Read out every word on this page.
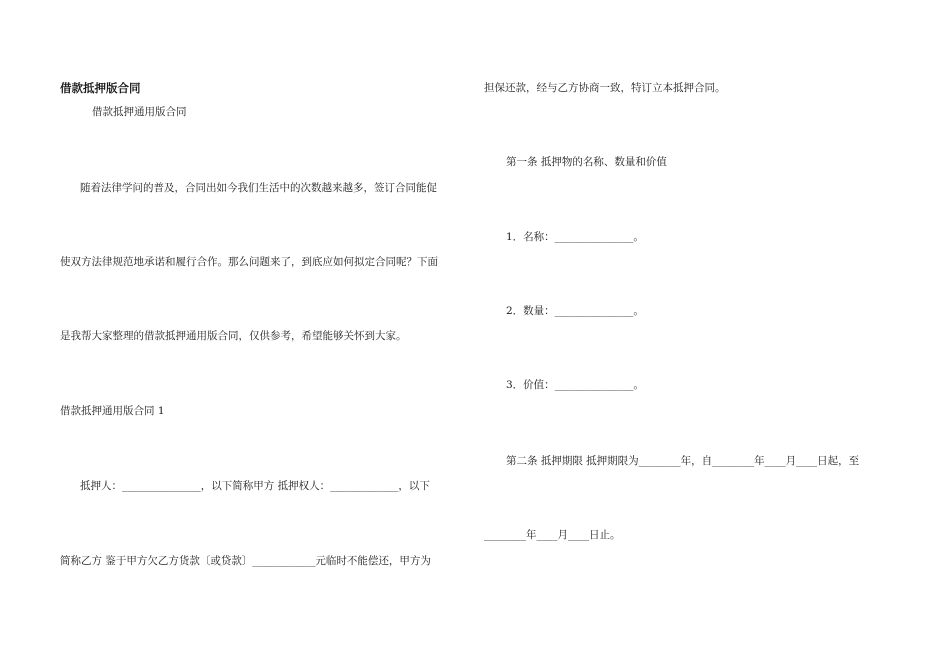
借款抵押版合同
借款抵押通用版合同
随着法律学问的普及，合同出如今我们生活中的次数越来越多，签订合同能促
使双方法律规范地承诺和履行合作。那么问题来了，到底应如何拟定合同呢？下面
是我帮大家整理的借款抵押通用版合同，仅供参考，希望能够关怀到大家。
借款抵押通用版合同 1
抵押人：_______________，以下简称甲方 抵押权人：_____________，以下
简称乙方 鉴于甲方欠乙方货款〔或贷款〕____________元临时不能偿还，甲方为
担保还款，经与乙方协商一致，特订立本抵押合同。
第一条 抵押物的名称、数量和价值
1．名称：_______________。
2．数量：_______________。
3．价值：_______________。
第二条 抵押期限 抵押期限为________年，自________年____月____日起，至
________年____月____日止。
